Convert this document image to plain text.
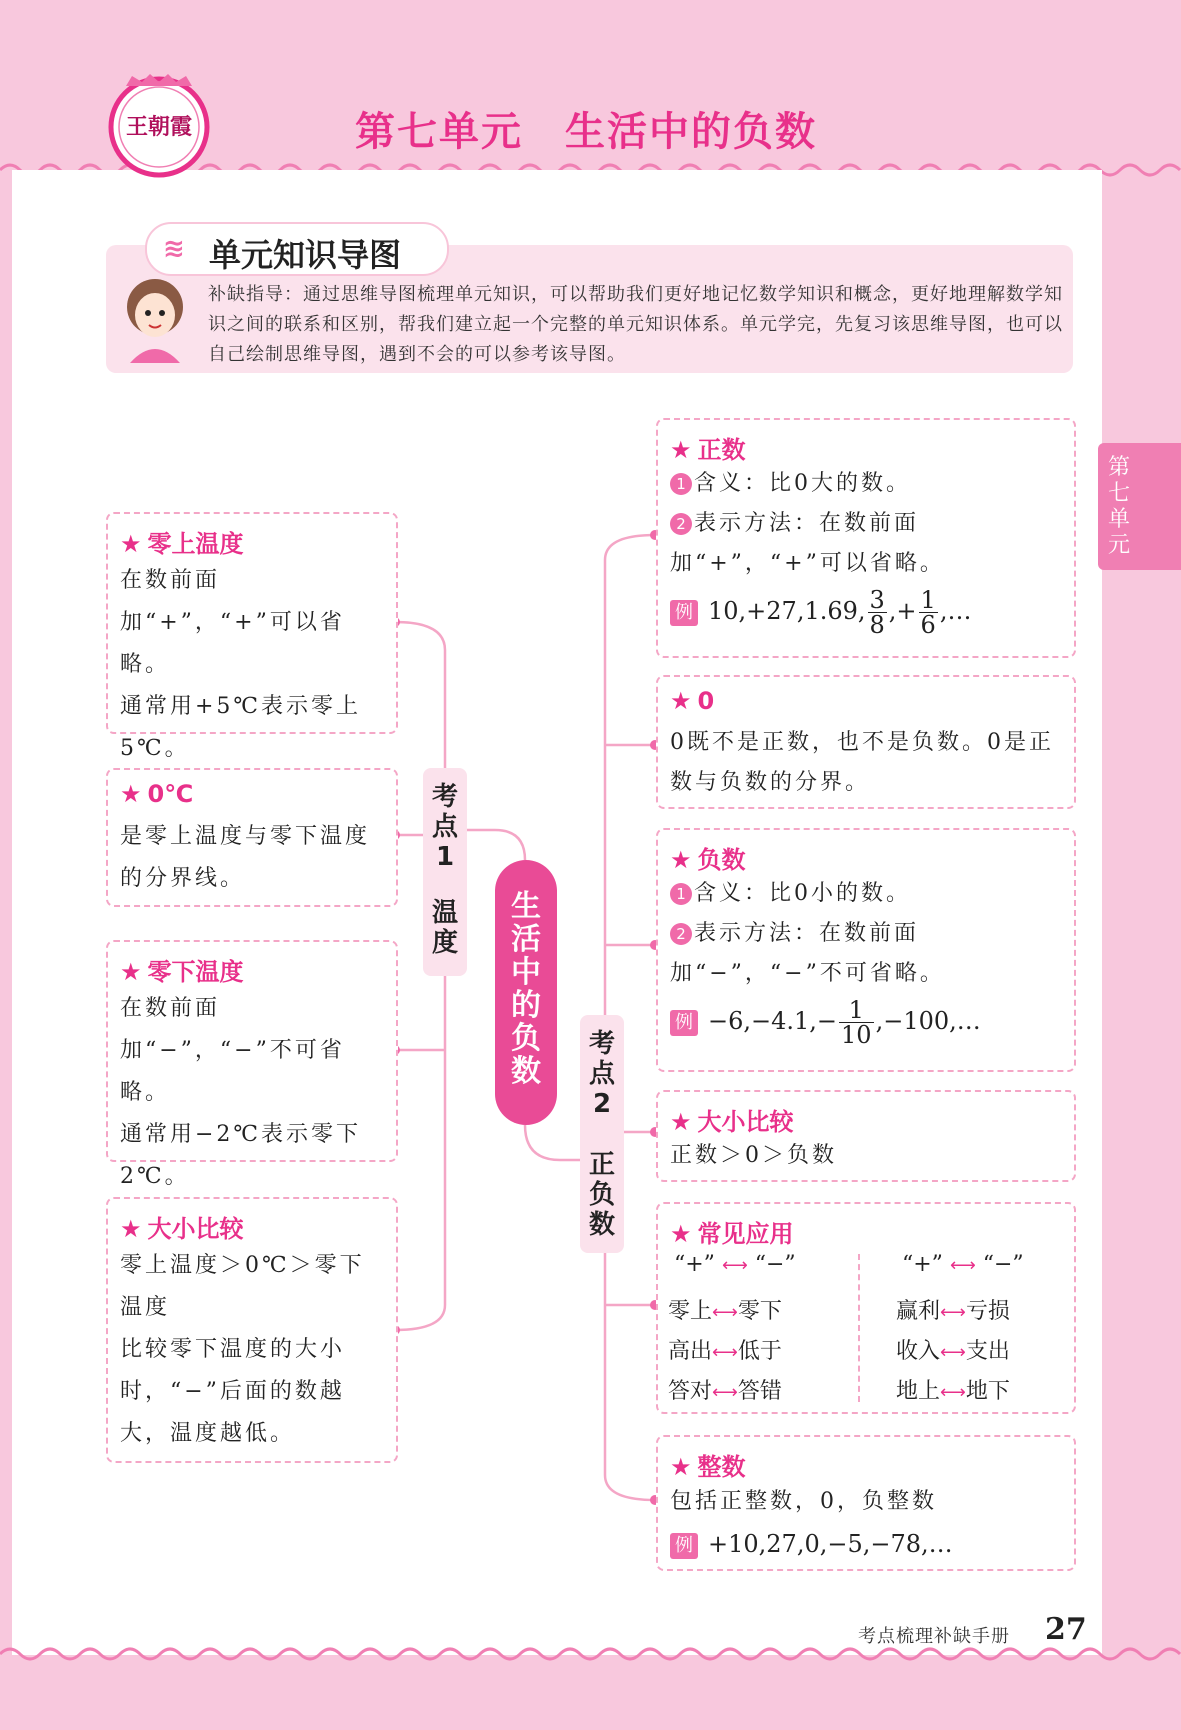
王朝霞	第七单元　生活中的负数
第七单元
≋ 单元知识导图
补缺指导：通过思维导图梳理单元知识，可以帮助我们更好地记忆数学知识和概念，更好地理解数学知识之间的联系和区别，帮我们建立起一个完整的单元知识体系。单元学完，先复习该思维导图，也可以自己绘制思维导图，遇到不会的可以参考该导图。
★ 零上温度
在数前面加“+”，“+”可以省略。
通常用+5℃表示零上5℃。
★ 0℃
是零上温度与零下温度的分界线。
★ 零下温度
在数前面加“−”，“−”不可省略。
通常用−2℃表示零下2℃。
★ 大小比较
零上温度＞0℃＞零下温度
比较零下温度的大小时，“−”后面的数越大，温度越低。
考点1
温度
生活中的负数
考点2
正负数
★ 正数
1 含义：比0大的数。
2 表示方法：在数前面加“+”，“+”可以省略。
例 10,+27,1.69, $\frac{3}{8}$ ,+ $\frac{1}{6}$ ,…
★ 0
0既不是正数，也不是负数。0是正数与负数的分界。
★ 负数
1 含义：比0小的数。
2 表示方法：在数前面加“−”，“−”不可省略。
例 $-6,-4.1,- \frac{1}{10}$ ,−100,…
★ 大小比较
正数＞0＞负数
★ 常见应用
“+” ⟷ “−”
零上⟷零下
高出⟷低于
答对⟷答错
“+” ⟷ “−”
赢利⟷亏损
收入⟷支出
地上⟷地下
★ 整数
包括正整数，0，负整数
例 +10,27,0,−5,−78,…
考点梳理补缺手册 27
